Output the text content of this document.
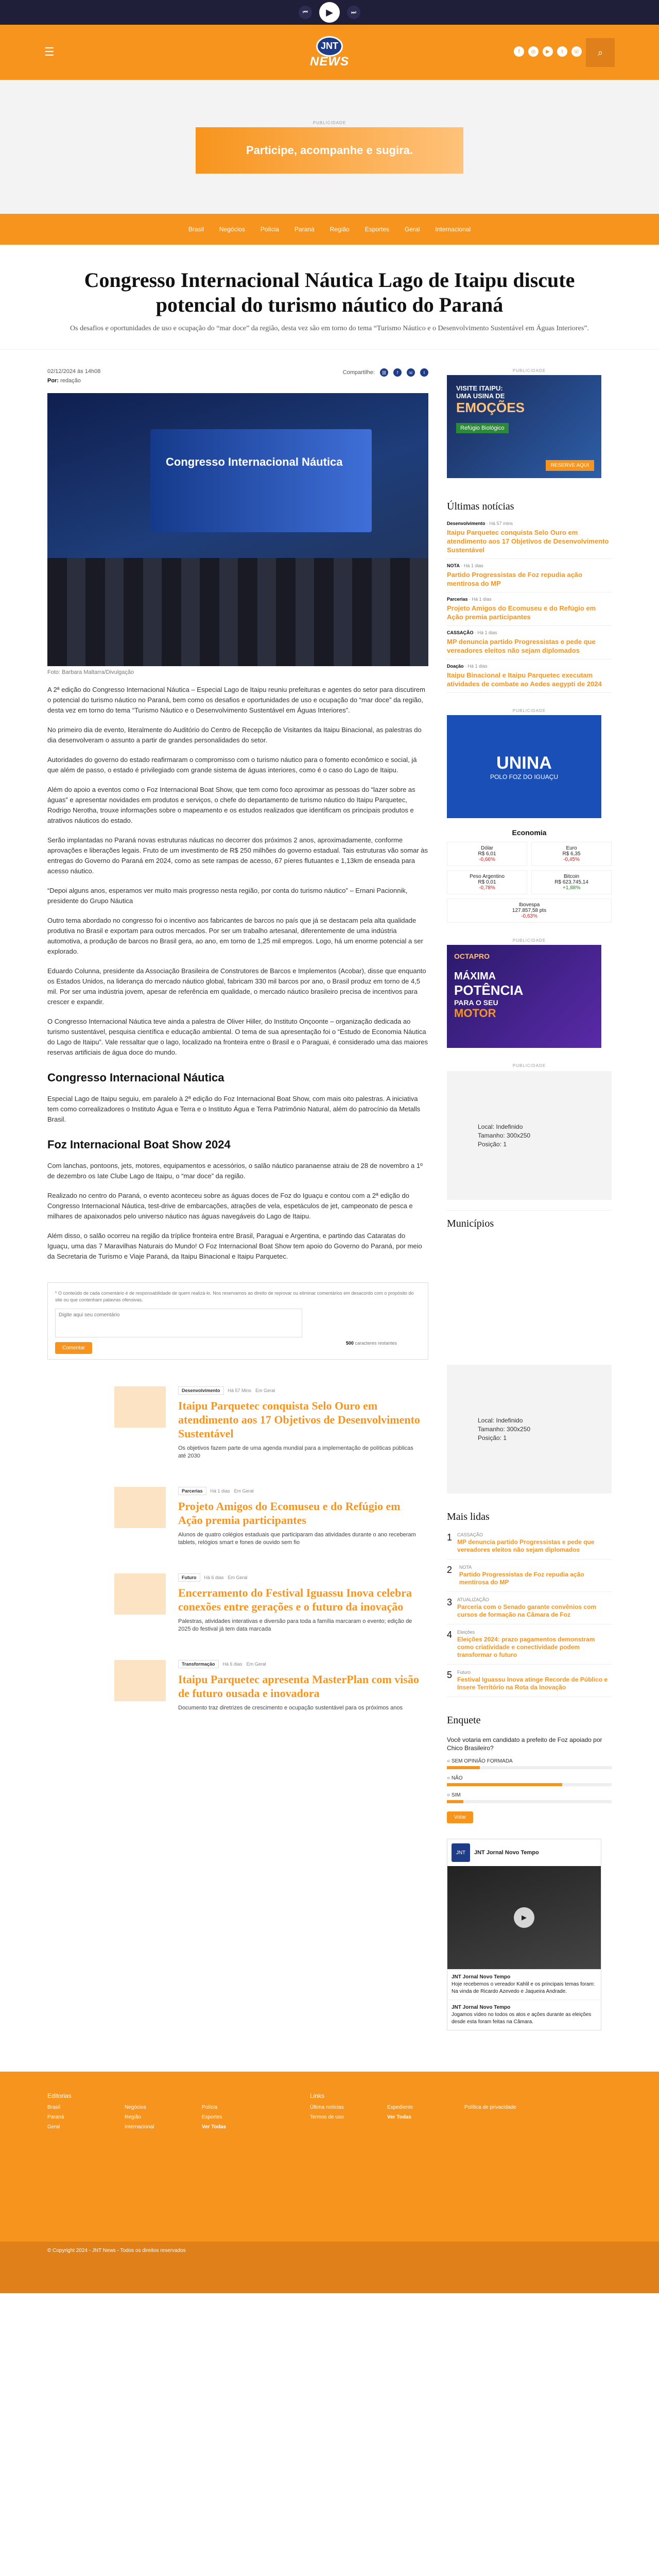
⏮	▶	⏭
☰	JNT
NEWS
f	◎	▶	t	☏	⌕
PUBLICIDADE
Participe, acompanhe e sugira.
Brasil	Negócios	Polícia	Paraná	Região	Esportes	Geral	Internacional
Congresso Internacional Náutica Lago de Itaipu discute potencial do turismo náutico do Paraná

Os desafios e oportunidades de uso e ocupação do “mar doce” da região, desta vez são em torno do tema “Turismo Náutico e o Desenvolvimento Sustentável em Águas Interiores”.

02/12/2024 às 14h08
Por: redação
Compartilhe:	⛓	f	☏	t
Congresso Internacional Náutica
Foto: Barbara Maltarra/Divulgação

A 2ª edição do Congresso Internacional Náutica – Especial Lago de Itaipu reuniu prefeituras e agentes do setor para discutirem o potencial do turismo náutico no Paraná, bem como os desafios e oportunidades de uso e ocupação do “mar doce” da região, desta vez em torno do tema “Turismo Náutico e o Desenvolvimento Sustentável em Águas Interiores”.

No primeiro dia de evento, literalmente do Auditório do Centro de Recepção de Visitantes da Itaipu Binacional, as palestras do dia desenvolveram o assunto a partir de grandes personalidades do setor.

Autoridades do governo do estado reafirmaram o compromisso com o turismo náutico para o fomento econômico e social, já que além de passo, o estado é privilegiado com grande sistema de águas interiores, como é o caso do Lago de Itaipu.

Além do apoio a eventos como o Foz Internacional Boat Show, que tem como foco aproximar as pessoas do “lazer sobre as águas” e apresentar novidades em produtos e serviços, o chefe do departamento de turismo náutico do Itaipu Parquetec, Rodrigo Nerotha, trouxe informações sobre o mapeamento e os estudos realizados que identificam os principais produtos e atrativos náuticos do estado.

Serão implantadas no Paraná novas estruturas náuticas no decorrer dos próximos 2 anos, aproximadamente, conforme aprovações e liberações legais. Fruto de um investimento de R$ 250 milhões do governo estadual. Tais estruturas vão somar às entregas do Governo do Paraná em 2024, como as sete rampas de acesso, 67 píeres flutuantes e 1,13km de enseada para acesso náutico.

“Depoi alguns anos, esperamos ver muito mais progresso nesta região, por conta do turismo náutico” – Ernani Pacionnik, presidente do Grupo Náutica

Outro tema abordado no congresso foi o incentivo aos fabricantes de barcos no país que já se destacam pela alta qualidade produtiva no Brasil e exportam para outros mercados. Por ser um trabalho artesanal, diferentemente de uma indústria automotiva, a produção de barcos no Brasil gera, ao ano, em torno de 1,25 mil empregos. Logo, há um enorme potencial a ser explorado.

Eduardo Colunna, presidente da Associação Brasileira de Construtores de Barcos e Implementos (Acobar), disse que enquanto os Estados Unidos, na liderança do mercado náutico global, fabricam 330 mil barcos por ano, o Brasil produz em torno de 4,5 mil. Por ser uma indústria jovem, apesar de referência em qualidade, o mercado náutico brasileiro precisa de incentivos para crescer e expandir.

O Congresso Internacional Náutica teve ainda a palestra de Oliver Hiller, do Instituto Onçoonte – organização dedicada ao turismo sustentável, pesquisa científica e educação ambiental. O tema de sua apresentação foi o “Estudo de Economia Náutica do Lago de Itaipu”. Vale ressaltar que o lago, localizado na fronteira entre o Brasil e o Paraguai, é considerado uma das maiores reservas artificiais de água doce do mundo.

Congresso Internacional Náutica

Especial Lago de Itaipu seguiu, em paralelo à 2ª edição do Foz Internacional Boat Show, com mais oito palestras. A iniciativa tem como correalizadores o Instituto Água e Terra e o Instituto Água e Terra Patrimônio Natural, além do patrocínio da Metalls Brasil.

Foz Internacional Boat Show 2024

Com lanchas, pontoons, jets, motores, equipamentos e acessórios, o salão náutico paranaense atraiu de 28 de novembro a 1º de dezembro os Iate Clube Lago de Itaipu, o “mar doce” da região.

Realizado no centro do Paraná, o evento aconteceu sobre as águas doces de Foz do Iguaçu e contou com a 2ª edição do Congresso Internacional Náutica, test-drive de embarcações, atrações de vela, espetáculos de jet, campeonato de pesca e milhares de apaixonados pelo universo náutico nas águas navegáveis do Lago de Itaipu.

Além disso, o salão ocorreu na região da tríplice fronteira entre Brasil, Paraguai e Argentina, e partindo das Cataratas do Iguaçu, uma das 7 Maravilhas Naturais do Mundo! O Foz Internacional Boat Show tem apoio do Governo do Paraná, por meio da Secretaria de Turismo e Viaje Paraná, da Itaipu Binacional e Itaipu Parquetec.

* O conteúdo de cada comentário é de responsabilidade de quem realizá-lo. Nos reservamos ao direito de reprovar ou eliminar comentários em desacordo com o propósito do site ou que contenham palavras ofensivas.
Digite aqui seu comentário
500 caracteres restantes
Comentar
Desenvolvimento	Há 57 Mins Em Geral
Itaipu Parquetec conquista Selo Ouro em atendimento aos 17 Objetivos de Desenvolvimento Sustentável

Os objetivos fazem parte de uma agenda mundial para a implementação de políticas públicas até 2030

Parcerias	Há 1 dias Em Geral
Projeto Amigos do Ecomuseu e do Refúgio em Ação premia participantes

Alunos de quatro colégios estaduais que participaram das atividades durante o ano receberam tablets, relógios smart e fones de ouvido sem fio

Futuro	Há 6 dias Em Geral
Encerramento do Festival Iguassu Inova celebra conexões entre gerações e o futuro da inovação

Palestras, atividades interativas e diversão para toda a família marcaram o evento; edição de 2025 do festival já tem data marcada

Transformação	Há 6 dias Em Geral
Itaipu Parquetec apresenta MasterPlan com visão de futuro ousada e inovadora

Documento traz diretrizes de crescimento e ocupação sustentável para os próximos anos

PUBLICIDADE
VISITE ITAIPU:
UMA USINA DE
EMOÇÕES
Refúgio Biológico
RESERVE AQUI
Últimas notícias
Desenvolvimento · Há 57 mins
Itaipu Parquetec conquista Selo Ouro em atendimento aos 17 Objetivos de Desenvolvimento Sustentável
NOTA · Há 1 dias
Partido Progressistas de Foz repudia ação mentirosa do MP
Parcerias · Há 1 dias
Projeto Amigos do Ecomuseu e do Refúgio em Ação premia participantes
CASSAÇÃO · Há 1 dias
MP denuncia partido Progressistas e pede que vereadores eleitos não sejam diplomados
Doação · Há 1 dias
Itaipu Binacional e Itaipu Parquetec executam atividades de combate ao Aedes aegypti de 2024
PUBLICIDADE
UNINA
POLO FOZ DO IGUAÇU
Economia
Dólar
R$ 6,01
-0,66%
Euro
R$ 6,35
-0,45%
Peso Argentino
R$ 0,01
-0,78%
Bitcoin
R$ 623.745,14
+1,88%
Ibovespa
127.857,58 pts
-0,63%
PUBLICIDADE
OCTAPRO
MÁXIMA
POTÊNCIA
PARA O SEU
MOTOR
PUBLICIDADE
Local: Indefinido
Tamanho: 300x250
Posição: 1
Municípios
Local: Indefinido
Tamanho: 300x250
Posição: 1
Mais lidas
1 CASSAÇÃO
MP denuncia partido Progressistas e pede que vereadores eleitos não sejam diplomados
2	NOTA
Partido Progressistas de Foz repudia ação mentirosa do MP
3 ATUALIZAÇÃO
Parceria com o Senado garante convênios com cursos de formação na Câmara de Foz
4 Eleições
Eleições 2024: prazo pagamentos demonstram como criatividade e conectividade podem transformar o futuro
5 Futuro
Festival Iguassu Inova atinge Recorde de Público e Insere Território na Rota da Inovação
Enquete
Você votaria em candidato a prefeito de Foz apoiado por Chico Brasileiro?
○ SEM OPINIÃO FORMADA
○ NÃO
○ SIM
Votar
JNT	JNT Jornal Novo Tempo
▶
JNT Jornal Novo Tempo
Hoje recebemos o vereador Kahlil e os principais temas foram: Na vinda de Ricardo Azevedo e Jaqueira Andrade.
JNT Jornal Novo Tempo
Jogamos vídeo no todos os atos e ações durante as eleições desde esta foram feitas na Câmara.
Editorias
Brasil	Negócios	Polícia
Paraná	Região	Esportes
Geral	Internacional	Ver Todas
Links
Última notícias	Expediente	Política de privacidade
Termos de uso	Ver Todas
© Copyright 2024 - JNT News - Todos os direitos reservados
